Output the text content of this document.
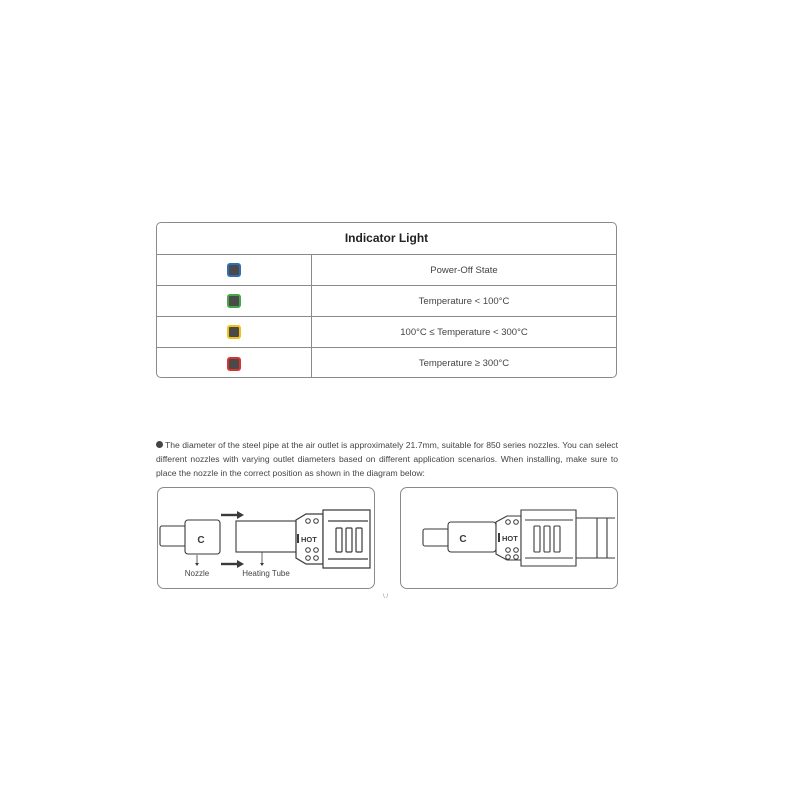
Indicator Light
Power-Off State
Temperature < 100°C
100°C ≤ Temperature < 300°C
Temperature ≥ 300°C
The diameter of the steel pipe at the air outlet is approximately 21.7mm, suitable for 850 series nozzles. You can select different nozzles with varying outlet diameters based on different application scenarios. When installing, make sure to place the nozzle in the correct position as shown in the diagram below:
C	HOT
Nozzle	Heating Tube
C	HOT
\ /
